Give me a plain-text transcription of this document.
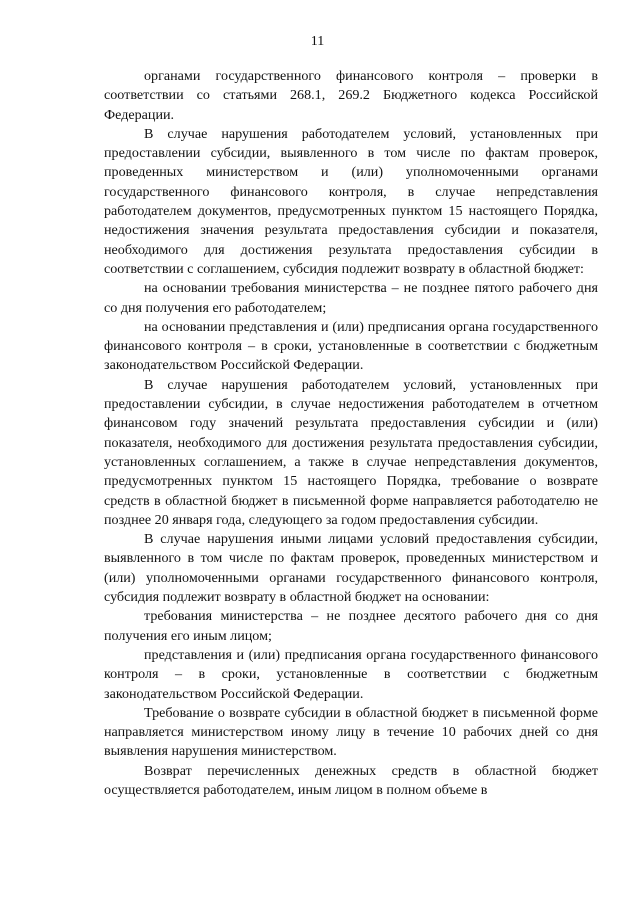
11

органами государственного финансового контроля – проверки в соответствии со статьями 268.1, 269.2 Бюджетного кодекса Российской Федерации.

В случае нарушения работодателем условий, установленных при предоставлении субсидии, выявленного в том числе по фактам проверок, проведенных министерством и (или) уполномоченными органами государственного финансового контроля, в случае непредставления работодателем документов, предусмотренных пунктом 15 настоящего Порядка, недостижения значения результата предоставления субсидии и показателя, необходимого для достижения результата предоставления субсидии в соответствии с соглашением, субсидия подлежит возврату в областной бюджет:

на основании требования министерства – не позднее пятого рабочего дня со дня получения его работодателем;

на основании представления и (или) предписания органа государственного финансового контроля – в сроки, установленные в соответствии с бюджетным законодательством Российской Федерации.

В случае нарушения работодателем условий, установленных при предоставлении субсидии, в случае недостижения работодателем в отчетном финансовом году значений результата предоставления субсидии и (или) показателя, необходимого для достижения результата предоставления субсидии, установленных соглашением, а также в случае непредставления документов, предусмотренных пунктом 15 настоящего Порядка, требование о возврате средств в областной бюджет в письменной форме направляется работодателю не позднее 20 января года, следующего за годом предоставления субсидии.

В случае нарушения иными лицами условий предоставления субсидии, выявленного в том числе по фактам проверок, проведенных министерством и (или) уполномоченными органами государственного финансового контроля, субсидия подлежит возврату в областной бюджет на основании:

требования министерства – не позднее десятого рабочего дня со дня получения его иным лицом;

представления и (или) предписания органа государственного финансового контроля – в сроки, установленные в соответствии с бюджетным законодательством Российской Федерации.

Требование о возврате субсидии в областной бюджет в письменной форме направляется министерством иному лицу в течение 10 рабочих дней со дня выявления нарушения министерством.

Возврат перечисленных денежных средств в областной бюджет осуществляется работодателем, иным лицом в полном объеме в
